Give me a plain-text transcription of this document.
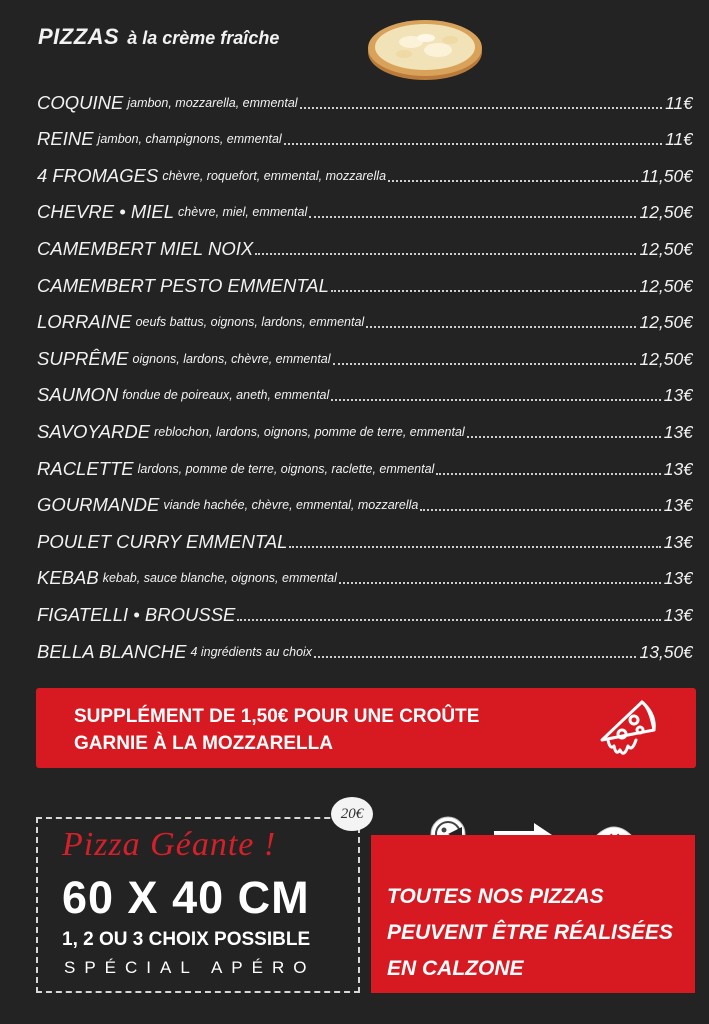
PIZZAS à la crème fraîche
COQUINE jambon, mozzarella, emmental	11€
REINE jambon, champignons, emmental	11€
4 FROMAGES chèvre, roquefort, emmental, mozzarella	11,50€
CHEVRE • MIEL chèvre, miel, emmental	12,50€
CAMEMBERT MIEL NOIX	12,50€
CAMEMBERT PESTO EMMENTAL	12,50€
LORRAINE oeufs battus, oignons, lardons, emmental	12,50€
SUPRÊME oignons, lardons, chèvre, emmental	12,50€
SAUMON fondue de poireaux, aneth, emmental	13€
SAVOYARDE reblochon, lardons, oignons, pomme de terre, emmental	13€
RACLETTE lardons, pomme de terre, oignons, raclette, emmental	13€
GOURMANDE viande hachée, chèvre, emmental, mozzarella	13€
POULET CURRY EMMENTAL	13€
KEBAB kebab, sauce blanche, oignons, emmental	13€
FIGATELLI • BROUSSE	13€
BELLA BLANCHE 4 ingrédients au choix	13,50€
SUPPLÉMENT DE 1,50€ POUR UNE CROÛTE
GARNIE À LA MOZZARELLA
20€
Pizza Géante !
60 X 40 CM
1, 2 OU 3 CHOIX POSSIBLE
SPÉCIAL APÉRO
TOUTES NOS PIZZAS
PEUVENT ÊTRE RÉALISÉES
EN CALZONE
